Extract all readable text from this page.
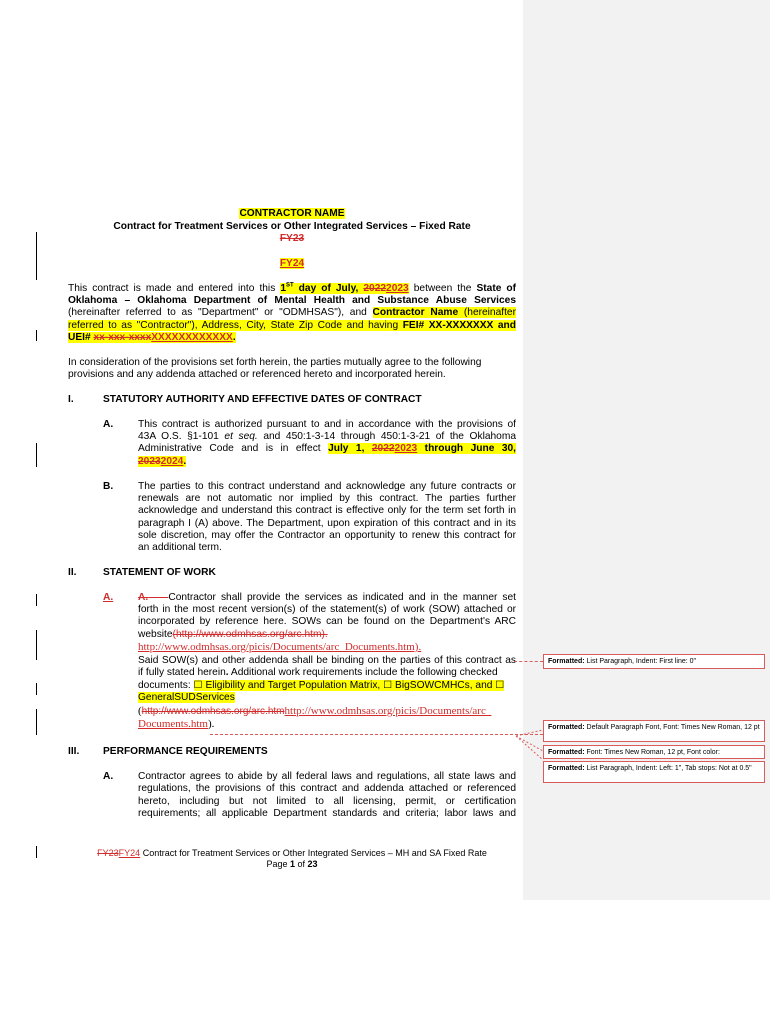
CONTRACTOR NAME
Contract for Treatment Services or Other Integrated Services – Fixed Rate
FY23
FY24
This contract is made and entered into this 1ST day of July, 20222023 between the State of
Oklahoma – Oklahoma Department of Mental Health and Substance Abuse Services
(hereinafter referred to as "Department" or "ODMHSAS"), and Contractor Name (hereinafter
referred to as "Contractor"), Address, City, State Zip Code and having FEI# XX-XXXXXXX and
UEI# xx-xxx-xxxxXXXXXXXXXXXX.
In consideration of the provisions set forth herein, the parties mutually agree to the following
provisions and any addenda attached or referenced hereto and incorporated herein.
I.	STATUTORY AUTHORITY AND EFFECTIVE DATES OF CONTRACT
A. This contract is authorized pursuant to and in accordance with the provisions of
43A O.S. §1-101 et seq. and 450:1-3-14 through 450:1-3-21 of the Oklahoma
Administrative Code and is in effect July 1, 20222023 through June 30,
20232024.
B. The parties to this contract understand and acknowledge any future contracts or
renewals are not automatic nor implied by this contract. The parties further
acknowledge and understand this contract is effective only for the term set forth in
paragraph I (A) above. The Department, upon expiration of this contract and in its
sole discretion, may offer the Contractor an opportunity to renew this contract for
an additional term.
II.	STATEMENT OF WORK
A. A. Contractor shall provide the services as indicated and in the manner set
forth in the most recent version(s) of the statement(s) of work (SOW) attached or
incorporated by reference here. SOWs can be found on the Department's ARC
website(http://www.odmhsas.org/arc.htm).
http://www.odmhsas.org/picis/Documents/arc_Documents.htm).
Said SOW(s) and other addenda shall be binding on the parties of this contract as
if fully stated herein. Additional work requirements include the following checked
documents: ☐ Eligibility and Target Population Matrix, ☐ BigSOWCMHCs, and ☐
GeneralSUDServices
(http://www.odmhsas.org/arc.htmhttp://www.odmhsas.org/picis/Documents/arc_
Documents.htm).
III. PERFORMANCE REQUIREMENTS
A. Contractor agrees to abide by all federal laws and regulations, all state laws and
regulations, the provisions of this contract and addenda attached or referenced
hereto, including but not limited to all licensing, permit, or certification
requirements; all applicable Department standards and criteria; labor laws and
FY23FY24 Contract for Treatment Services or Other Integrated Services – MH and SA Fixed Rate
Page 1 of 23
Formatted: List Paragraph, Indent: First line: 0"
Formatted: Default Paragraph Font, Font: Times New Roman, 12 pt
Formatted: Font: Times New Roman, 12 pt, Font color:
Formatted: List Paragraph, Indent: Left: 1", Tab stops: Not at 0.5"
